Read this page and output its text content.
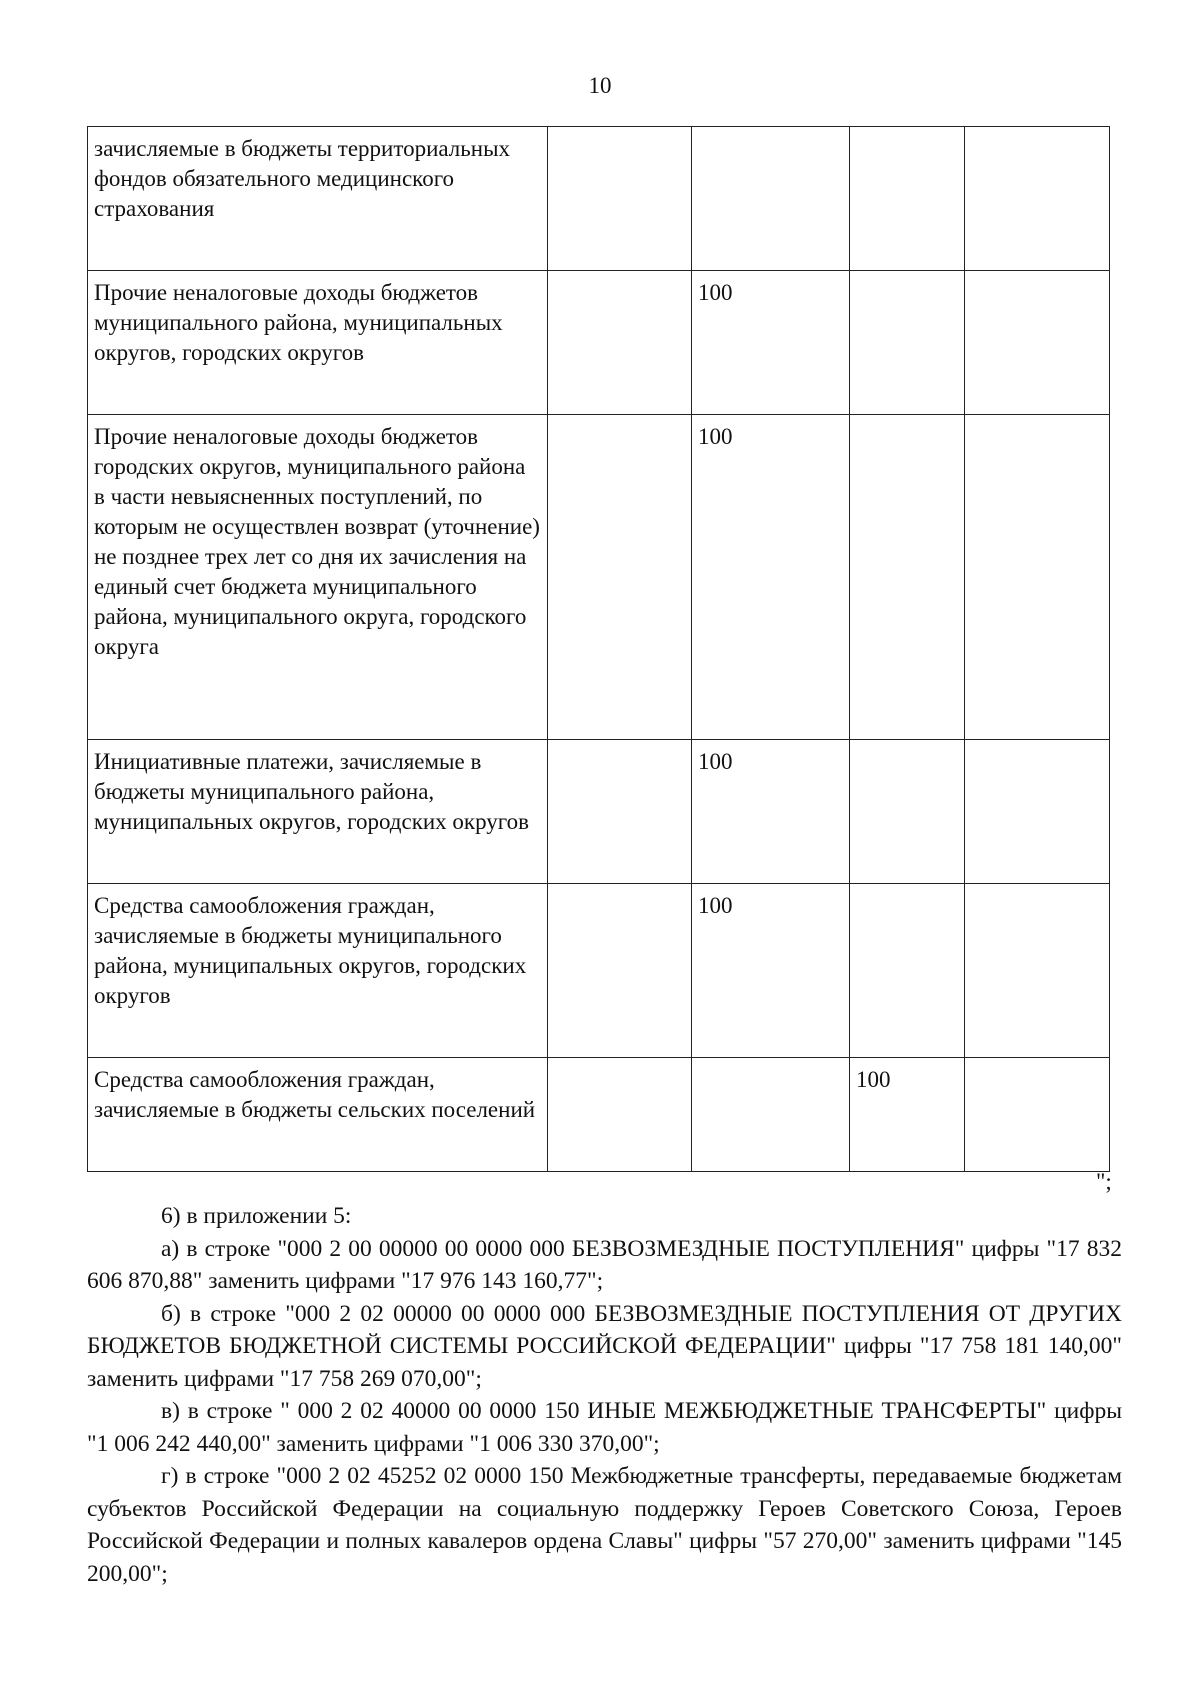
10
зачисляемые в бюджеты территориальных фондов обязательного медицинского страхования				
Прочие неналоговые доходы бюджетов муниципального района, муниципальных округов, городских округов		100		
Прочие неналоговые доходы бюджетов городских округов, муниципального района в части невыясненных поступлений, по которым не осуществлен возврат (уточнение) не позднее трех лет со дня их зачисления на единый счет бюджета муниципального района, муниципального округа, городского округа		100		
Инициативные платежи, зачисляемые в бюджеты муниципального района, муниципальных округов, городских округов		100		
Средства самообложения граждан, зачисляемые в бюджеты муниципального района, муниципальных округов, городских округов		100		
Средства самообложения граждан, зачисляемые в бюджеты сельских поселений			100	
";

6) в приложении 5:

а) в строке "000 2 00 00000 00 0000 000 БЕЗВОЗМЕЗДНЫЕ ПОСТУПЛЕНИЯ" цифры "17 832 606 870,88" заменить цифрами "17 976 143 160,77";

б) в строке "000 2 02 00000 00 0000 000 БЕЗВОЗМЕЗДНЫЕ ПОСТУПЛЕНИЯ ОТ ДРУГИХ БЮДЖЕТОВ БЮДЖЕТНОЙ СИСТЕМЫ РОССИЙСКОЙ ФЕДЕРАЦИИ" цифры "17 758 181 140,00" заменить цифрами "17 758 269 070,00";

в) в строке " 000 2 02 40000 00 0000 150 ИНЫЕ МЕЖБЮДЖЕТНЫЕ ТРАНСФЕРТЫ" цифры "1 006 242 440,00" заменить цифрами "1 006 330 370,00";

г) в строке "000 2 02 45252 02 0000 150 Межбюджетные трансферты, передаваемые бюджетам субъектов Российской Федерации на социальную поддержку Героев Советского Союза, Героев Российской Федерации и полных кавалеров ордена Славы" цифры "57 270,00" заменить цифрами "145 200,00";
